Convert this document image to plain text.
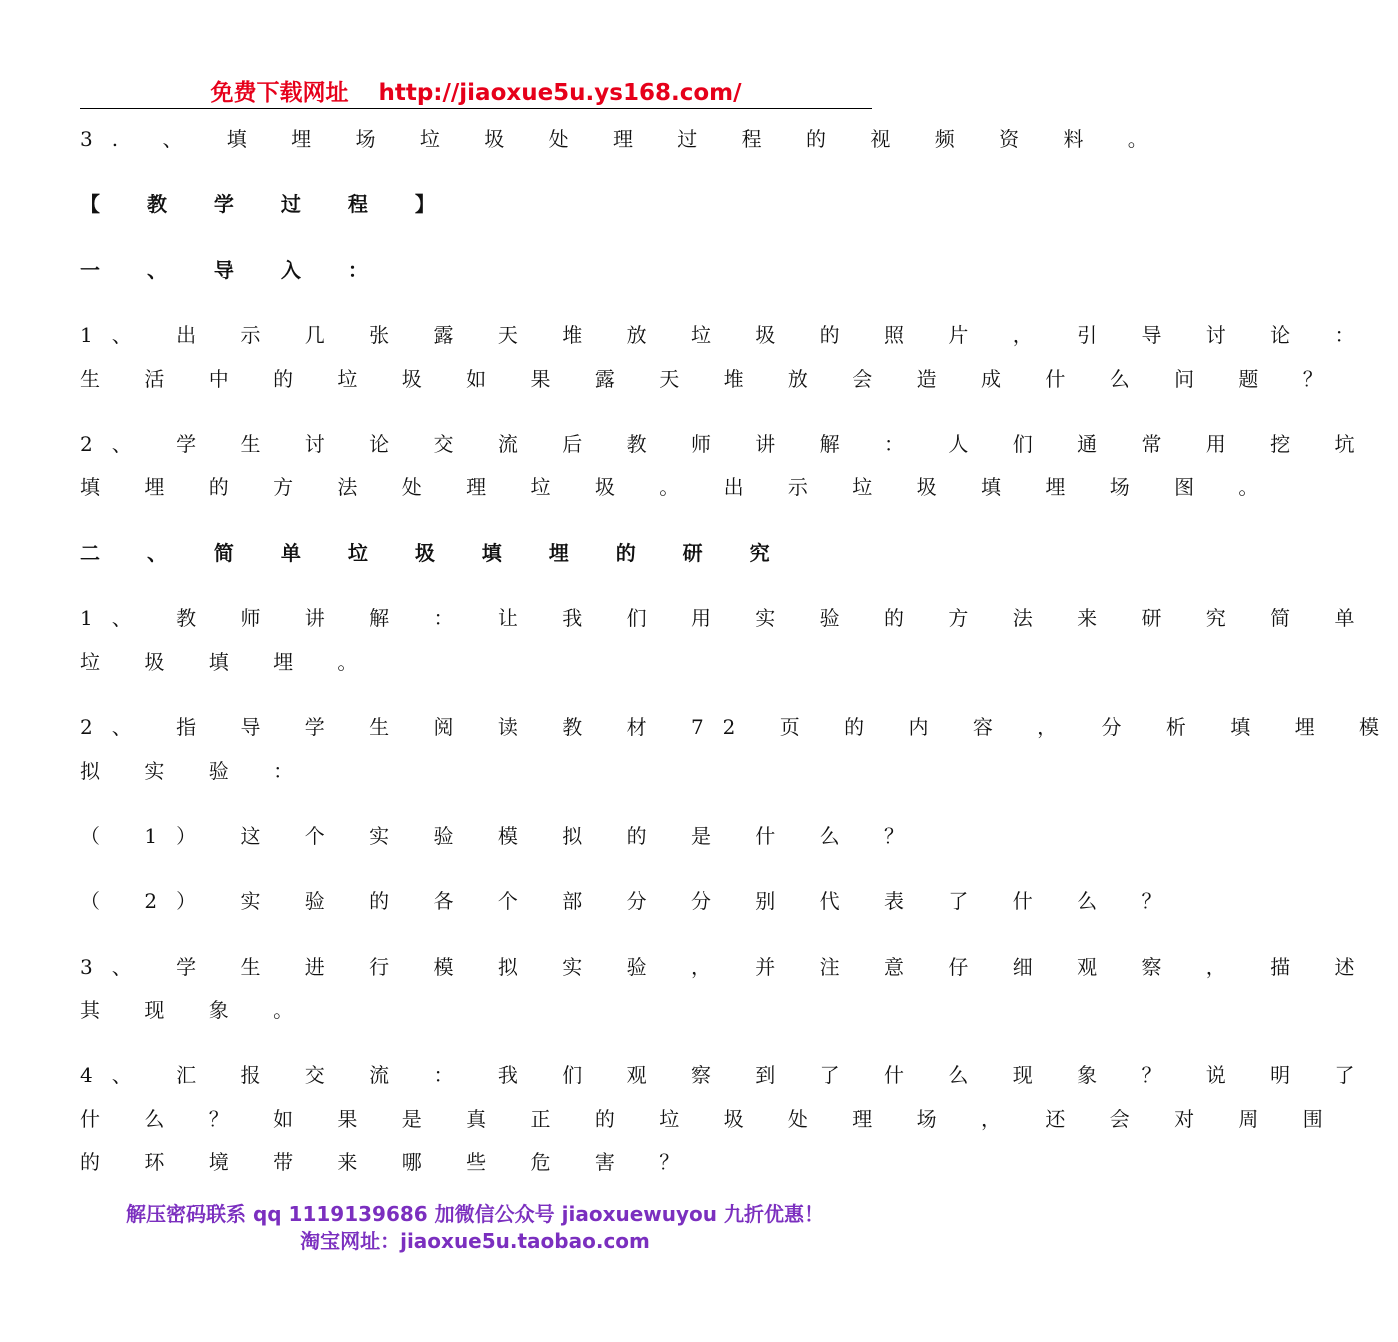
免费下载网址 http://jiaoxue5u.ys168.com/
3. 、 填 埋 场 垃 圾 处 理 过 程 的 视 频 资 料 。
【 教 学 过 程 】
一 、 导 入 ：
1、 出 示 几 张 露 天 堆 放 垃 圾 的 照 片 ， 引 导 讨 论 ：
生 活 中 的 垃 圾 如 果 露 天 堆 放 会 造 成 什 么 问 题 ？
2、 学 生 讨 论 交 流 后 教 师 讲 解 ： 人 们 通 常 用 挖 坑
填 埋 的 方 法 处 理 垃 圾 。 出 示 垃 圾 填 埋 场 图 。
二 、 简 单 垃 圾 填 埋 的 研 究
1、 教 师 讲 解 ： 让 我 们 用 实 验 的 方 法 来 研 究 简 单
垃 圾 填 埋 。
2、 指 导 学 生 阅 读 教 材 72 页 的 内 容 ， 分 析 填 埋 模
拟 实 验 ：
（ 1） 这 个 实 验 模 拟 的 是 什 么 ？
（ 2） 实 验 的 各 个 部 分 分 别 代 表 了 什 么 ？
3、 学 生 进 行 模 拟 实 验 ， 并 注 意 仔 细 观 察 ， 描 述
其 现 象 。
4、 汇 报 交 流 ： 我 们 观 察 到 了 什 么 现 象 ？ 说 明 了
什 么 ？ 如 果 是 真 正 的 垃 圾 处 理 场 ， 还 会 对 周 围
的 环 境 带 来 哪 些 危 害 ？
解压密码联系 qq 1119139686 加微信公众号 jiaoxuewuyou 九折优惠！
淘宝网址：jiaoxue5u.taobao.com
